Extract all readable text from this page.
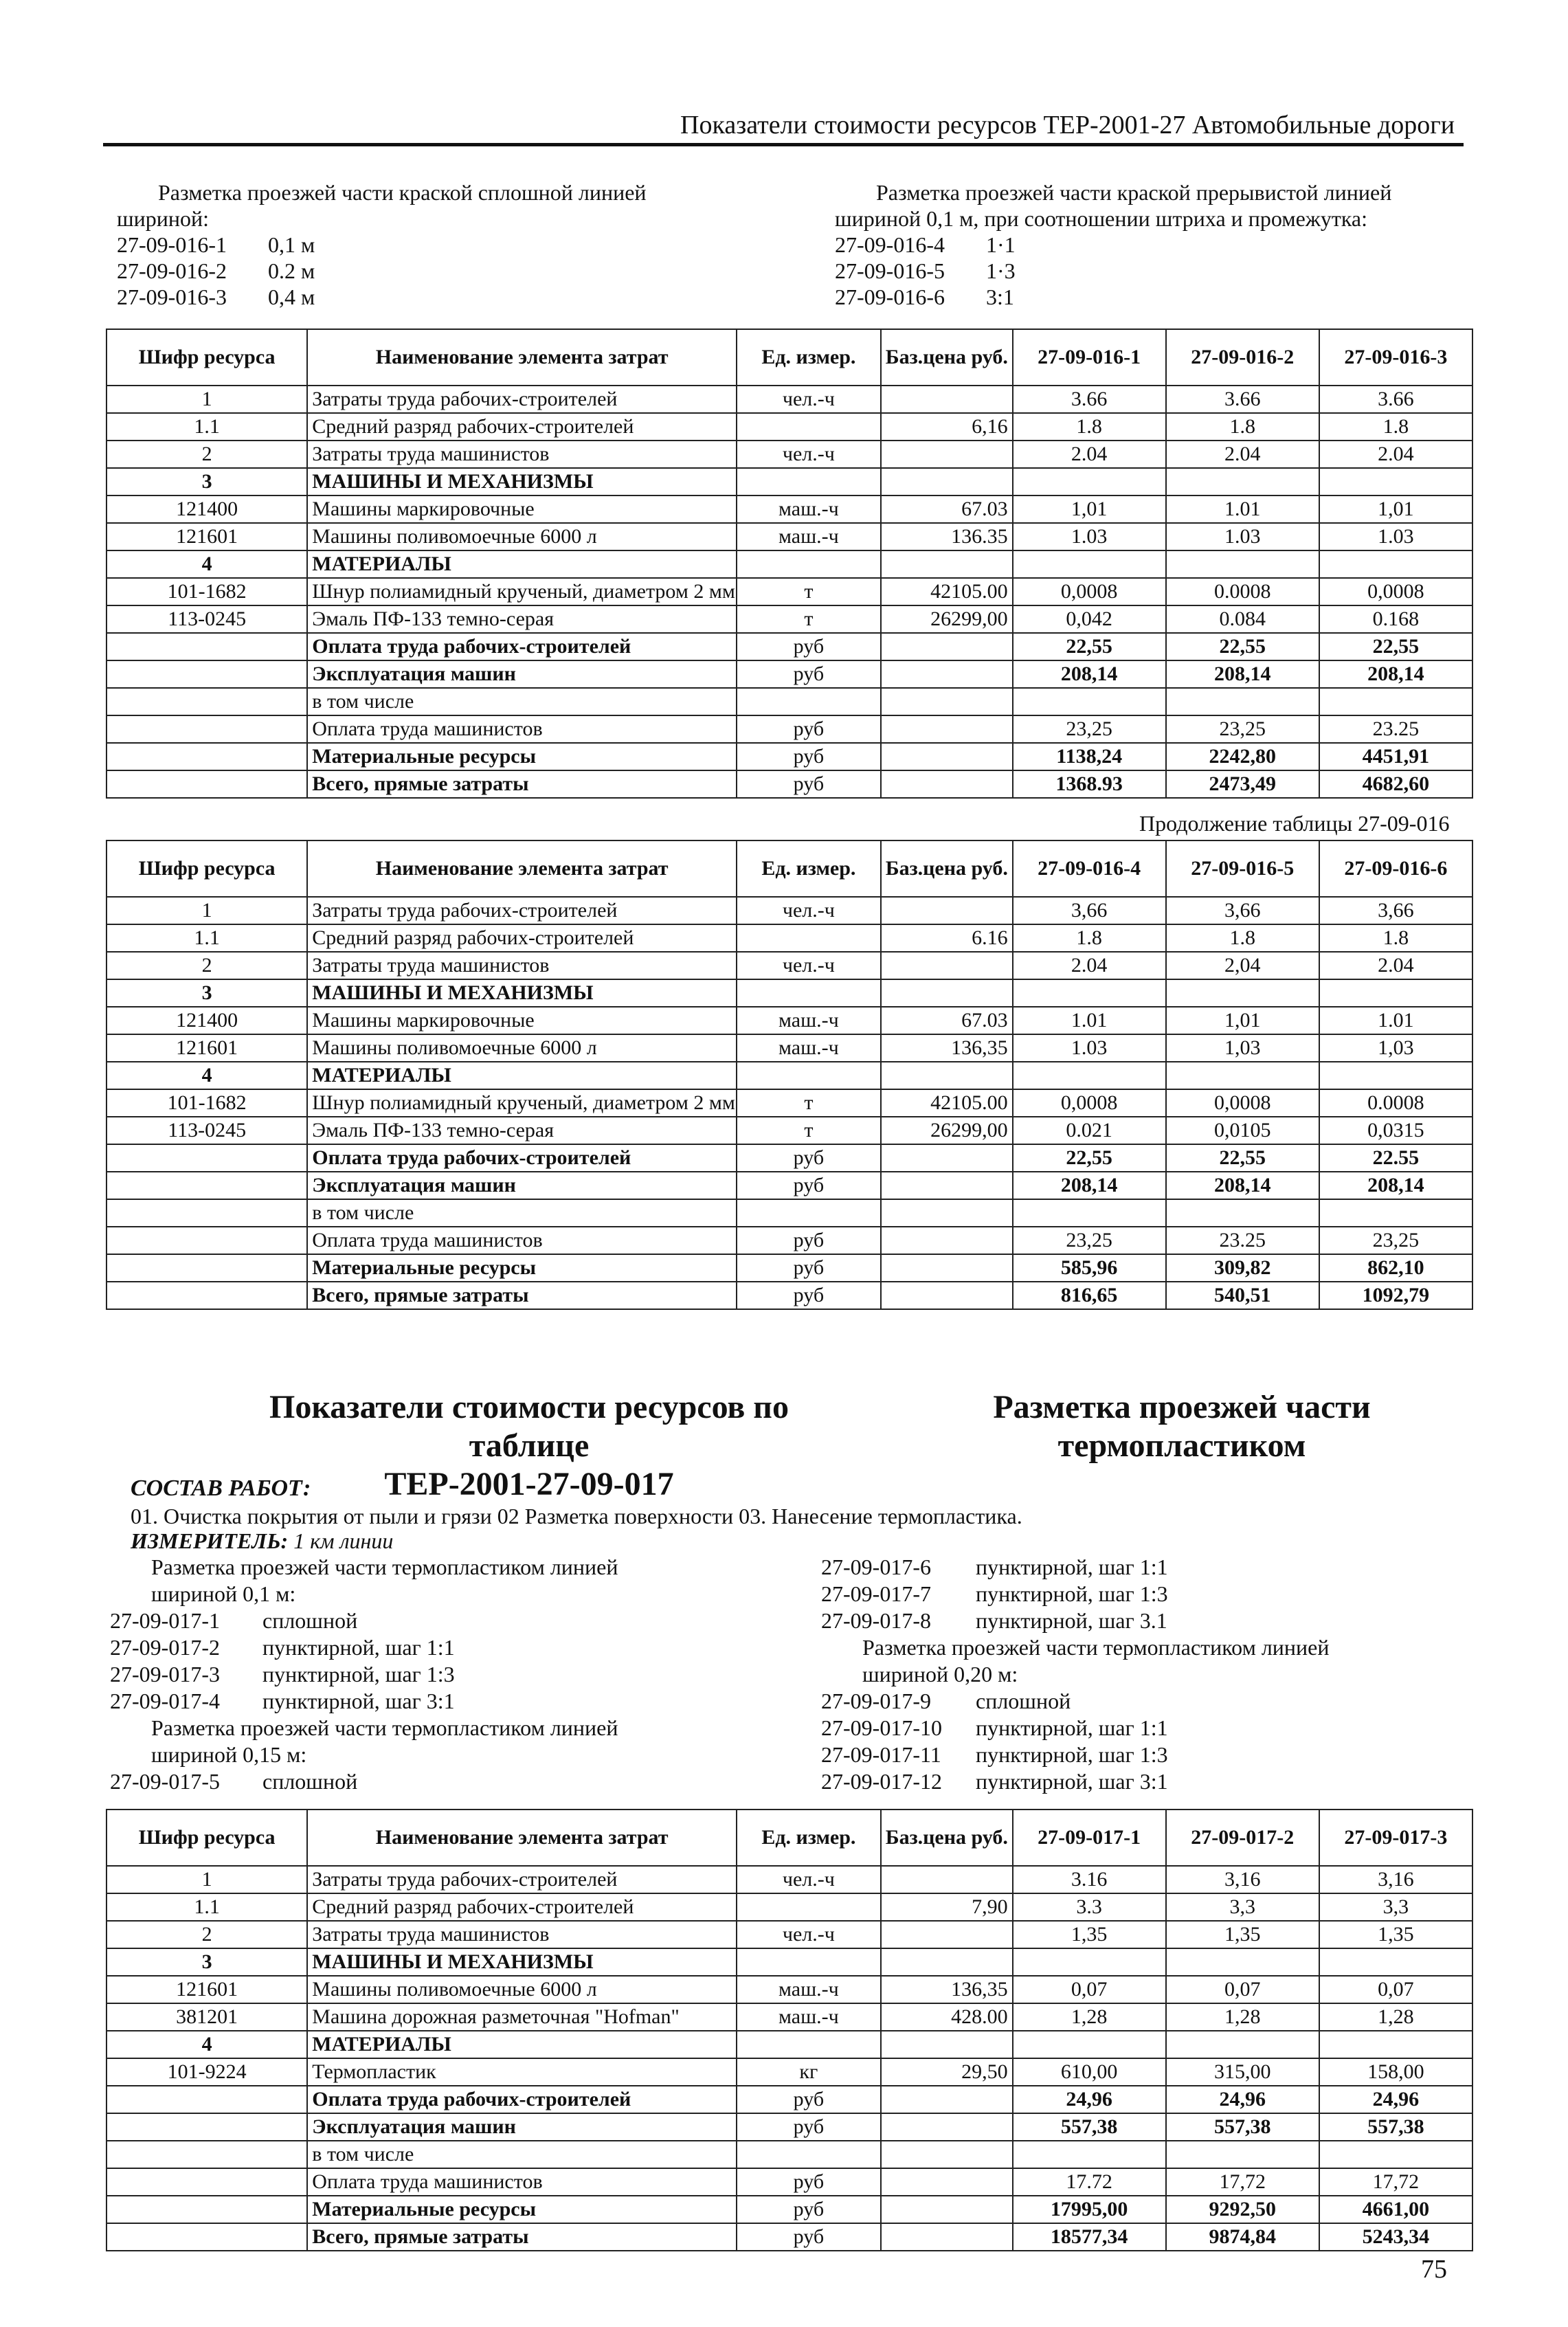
Показатели стоимости ресурсов ТЕР-2001-27 Автомобильные дороги
Разметка проезжей части краской сплошной линией
шириной:
27-09-016-1 0,1 м
27-09-016-2 0.2 м
27-09-016-3 0,4 м
Разметка проезжей части краской прерывистой линией
шириной 0,1 м, при соотношении штриха и промежутка:
27-09-016-4 1·1
27-09-016-5 1·3
27-09-016-6 3:1
Шифр ресурса	Наименование элемента затрат	Ед. измер.	Баз.цена руб.	27-09-016-1	27-09-016-2	27-09-016-3
1	Затраты труда рабочих-строителей	чел.-ч		3.66	3.66	3.66
1.1	Средний разряд рабочих-строителей		6,16	1.8	1.8	1.8
2	Затраты труда машинистов	чел.-ч		2.04	2.04	2.04
3	МАШИНЫ И МЕХАНИЗМЫ					
121400	Машины маркировочные	маш.-ч	67.03	1,01	1.01	1,01
121601	Машины поливомоечные 6000 л	маш.-ч	136.35	1.03	1.03	1.03
4	МАТЕРИАЛЫ					
101-1682	Шнур полиамидный крученый, диаметром 2 мм	т	42105.00	0,0008	0.0008	0,0008
113-0245	Эмаль ПФ-133 темно-серая	т	26299,00	0,042	0.084	0.168
	Оплата труда рабочих-строителей	руб		22,55	22,55	22,55
	Эксплуатация машин	руб		208,14	208,14	208,14
	в том числе					
	Оплата труда машинистов	руб		23,25	23,25	23.25
	Материальные ресурсы	руб		1138,24	2242,80	4451,91
	Всего, прямые затраты	руб		1368.93	2473,49	4682,60
Продолжение таблицы 27-09-016
Шифр ресурса	Наименование элемента затрат	Ед. измер.	Баз.цена руб.	27-09-016-4	27-09-016-5	27-09-016-6
1	Затраты труда рабочих-строителей	чел.-ч		3,66	3,66	3,66
1.1	Средний разряд рабочих-строителей		6.16	1.8	1.8	1.8
2	Затраты труда машинистов	чел.-ч		2.04	2,04	2.04
3	МАШИНЫ И МЕХАНИЗМЫ					
121400	Машины маркировочные	маш.-ч	67.03	1.01	1,01	1.01
121601	Машины поливомоечные 6000 л	маш.-ч	136,35	1.03	1,03	1,03
4	МАТЕРИАЛЫ					
101-1682	Шнур полиамидный крученый, диаметром 2 мм	т	42105.00	0,0008	0,0008	0.0008
113-0245	Эмаль ПФ-133 темно-серая	т	26299,00	0.021	0,0105	0,0315
	Оплата труда рабочих-строителей	руб		22,55	22,55	22.55
	Эксплуатация машин	руб		208,14	208,14	208,14
	в том числе					
	Оплата труда машинистов	руб		23,25	23.25	23,25
	Материальные ресурсы	руб		585,96	309,82	862,10
	Всего, прямые затраты	руб		816,65	540,51	1092,79
Показатели стоимости ресурсов по таблице
ТЕР-2001-27-09-017
Разметка проезжей части
термопластиком
СОСТАВ РАБОТ:
01. Очистка покрытия от пыли и грязи 02 Разметка поверхности 03. Нанесение термопластика.
ИЗМЕРИТЕЛЬ: 1 км линии
Разметка проезжей части термопластиком линией
шириной 0,1 м:
27-09-017-1 сплошной
27-09-017-2 пунктирной, шаг 1:1
27-09-017-3 пунктирной, шаг 1:3
27-09-017-4 пунктирной, шаг 3:1
Разметка проезжей части термопластиком линией
шириной 0,15 м:
27-09-017-5 сплошной
27-09-017-6 пунктирной, шаг 1:1
27-09-017-7 пунктирной, шаг 1:3
27-09-017-8 пунктирной, шаг 3.1
Разметка проезжей части термопластиком линией
шириной 0,20 м:
27-09-017-9 сплошной
27-09-017-10 пунктирной, шаг 1:1
27-09-017-11 пунктирной, шаг 1:3
27-09-017-12 пунктирной, шаг 3:1
Шифр ресурса	Наименование элемента затрат	Ед. измер.	Баз.цена руб.	27-09-017-1	27-09-017-2	27-09-017-3
1	Затраты труда рабочих-строителей	чел.-ч		3.16	3,16	3,16
1.1	Средний разряд рабочих-строителей		7,90	3.3	3,3	3,3
2	Затраты труда машинистов	чел.-ч		1,35	1,35	1,35
3	МАШИНЫ И МЕХАНИЗМЫ					
121601	Машины поливомоечные 6000 л	маш.-ч	136,35	0,07	0,07	0,07
381201	Машина дорожная разметочная "Hofman"	маш.-ч	428.00	1,28	1,28	1,28
4	МАТЕРИАЛЫ					
101-9224	Термопластик	кг	29,50	610,00	315,00	158,00
	Оплата труда рабочих-строителей	руб		24,96	24,96	24,96
	Эксплуатация машин	руб		557,38	557,38	557,38
	в том числе					
	Оплата труда машинистов	руб		17.72	17,72	17,72
	Материальные ресурсы	руб		17995,00	9292,50	4661,00
	Всего, прямые затраты	руб		18577,34	9874,84	5243,34
75
